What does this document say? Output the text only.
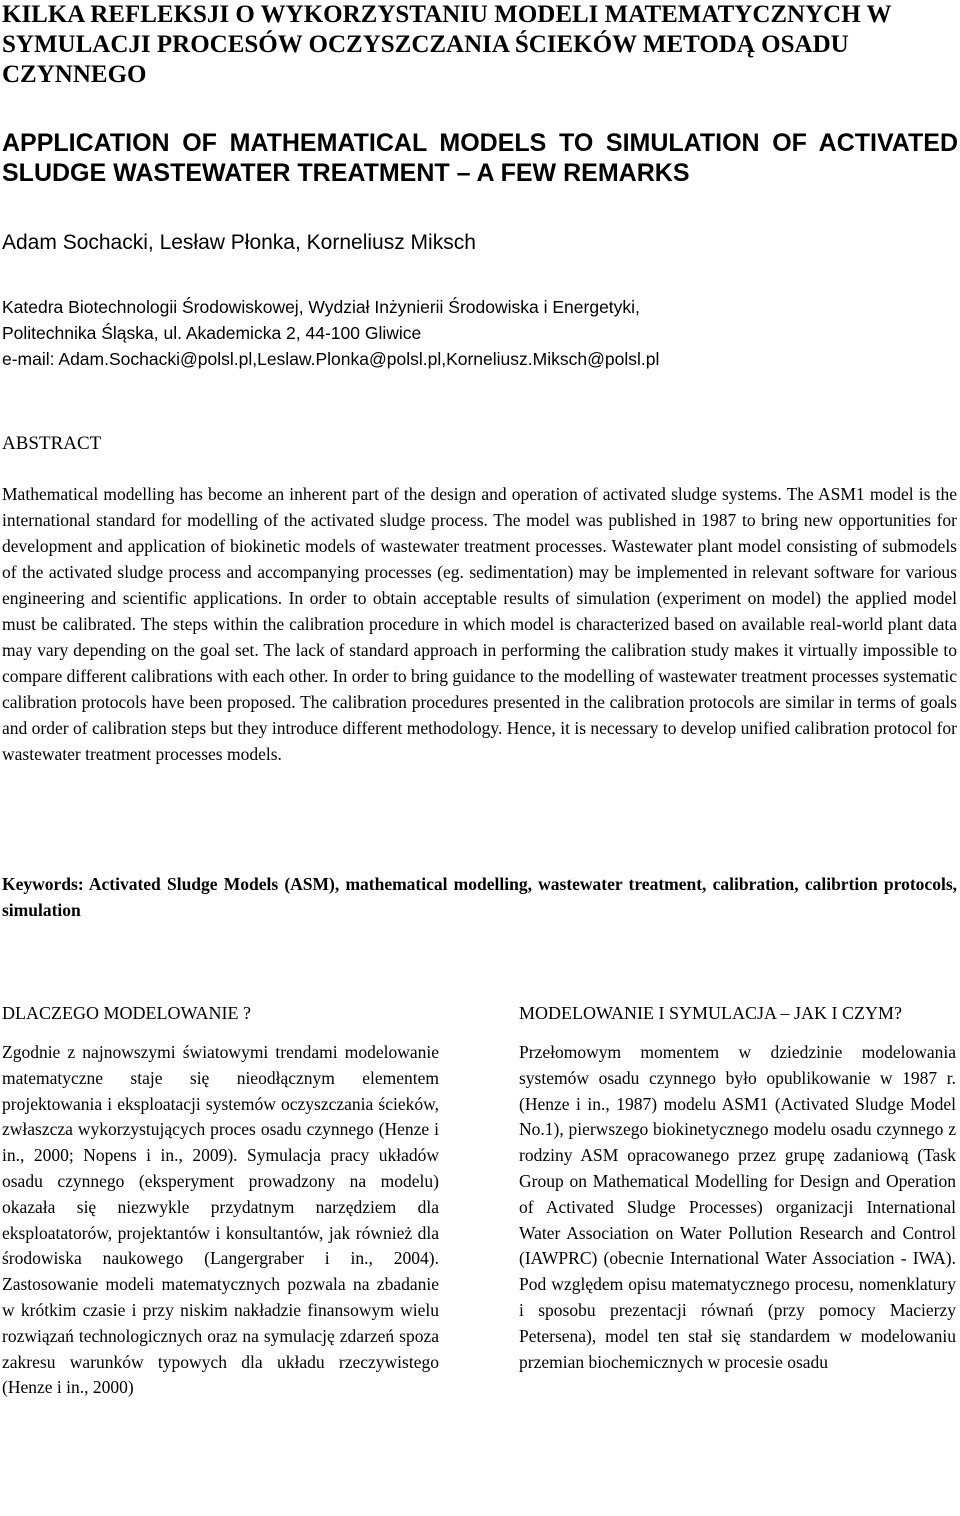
KILKA REFLEKSJI O WYKORZYSTANIU MODELI MATEMATYCZNYCH W SYMULACJI PROCESÓW OCZYSZCZANIA ŚCIEKÓW METODĄ OSADU CZYNNEGO
APPLICATION OF MATHEMATICAL MODELS TO SIMULATION OF ACTIVATED SLUDGE WASTEWATER TREATMENT – A FEW REMARKS
Adam Sochacki, Lesław Płonka, Korneliusz Miksch
Katedra Biotechnologii Środowiskowej, Wydział Inżynierii Środowiska i Energetyki,
Politechnika Śląska, ul. Akademicka 2, 44-100 Gliwice
e-mail: Adam.Sochacki@polsl.pl,Leslaw.Plonka@polsl.pl,Korneliusz.Miksch@polsl.pl
ABSTRACT

Mathematical modelling has become an inherent part of the design and operation of activated sludge systems. The ASM1 model is the international standard for modelling of the activated sludge process. The model was published in 1987 to bring new opportunities for development and application of biokinetic models of wastewater treatment processes. Wastewater plant model consisting of submodels of the activated sludge process and accompanying processes (eg. sedimentation) may be implemented in relevant software for various engineering and scientific applications. In order to obtain acceptable results of simulation (experiment on model) the applied model must be calibrated. The steps within the calibration procedure in which model is characterized based on available real-world plant data may vary depending on the goal set. The lack of standard approach in performing the calibration study makes it virtually impossible to compare different calibrations with each other. In order to bring guidance to the modelling of wastewater treatment processes systematic calibration protocols have been proposed. The calibration procedures presented in the calibration protocols are similar in terms of goals and order of calibration steps but they introduce different methodology. Hence, it is necessary to develop unified calibration protocol for wastewater treatment processes models.

Keywords: Activated Sludge Models (ASM), mathematical modelling, wastewater treatment, calibration, calibrtion protocols, simulation

DLACZEGO MODELOWANIE ?

Zgodnie z najnowszymi światowymi trendami modelowanie matematyczne staje się nieodłącznym elementem projektowania i eksploatacji systemów oczyszczania ścieków, zwłaszcza wykorzystujących proces osadu czynnego (Henze i in., 2000; Nopens i in., 2009). Symulacja pracy układów osadu czynnego (eksperyment prowadzony na modelu) okazała się niezwykle przydatnym narzędziem dla eksploatatorów, projektantów i konsultantów, jak również dla środowiska naukowego (Langergraber i in., 2004). Zastosowanie modeli matematycznych pozwala na zbadanie w krótkim czasie i przy niskim nakładzie finansowym wielu rozwiązań technologicznych oraz na symulację zdarzeń spoza zakresu warunków typowych dla układu rzeczywistego (Henze i in., 2000)

MODELOWANIE I SYMULACJA – JAK I CZYM?

Przełomowym momentem w dziedzinie modelowania systemów osadu czynnego było opublikowanie w 1987 r. (Henze i in., 1987) modelu ASM1 (Activated Sludge Model No.1), pierwszego biokinetycznego modelu osadu czynnego z rodziny ASM opracowanego przez grupę zadaniową (Task Group on Mathematical Modelling for Design and Operation of Activated Sludge Processes) organizacji International Water Association on Water Pollution Research and Control (IAWPRC) (obecnie International Water Association - IWA). Pod względem opisu matematycznego procesu, nomenklatury i sposobu prezentacji równań (przy pomocy Macierzy Petersena), model ten stał się standardem w modelowaniu przemian biochemicznych w procesie osadu
